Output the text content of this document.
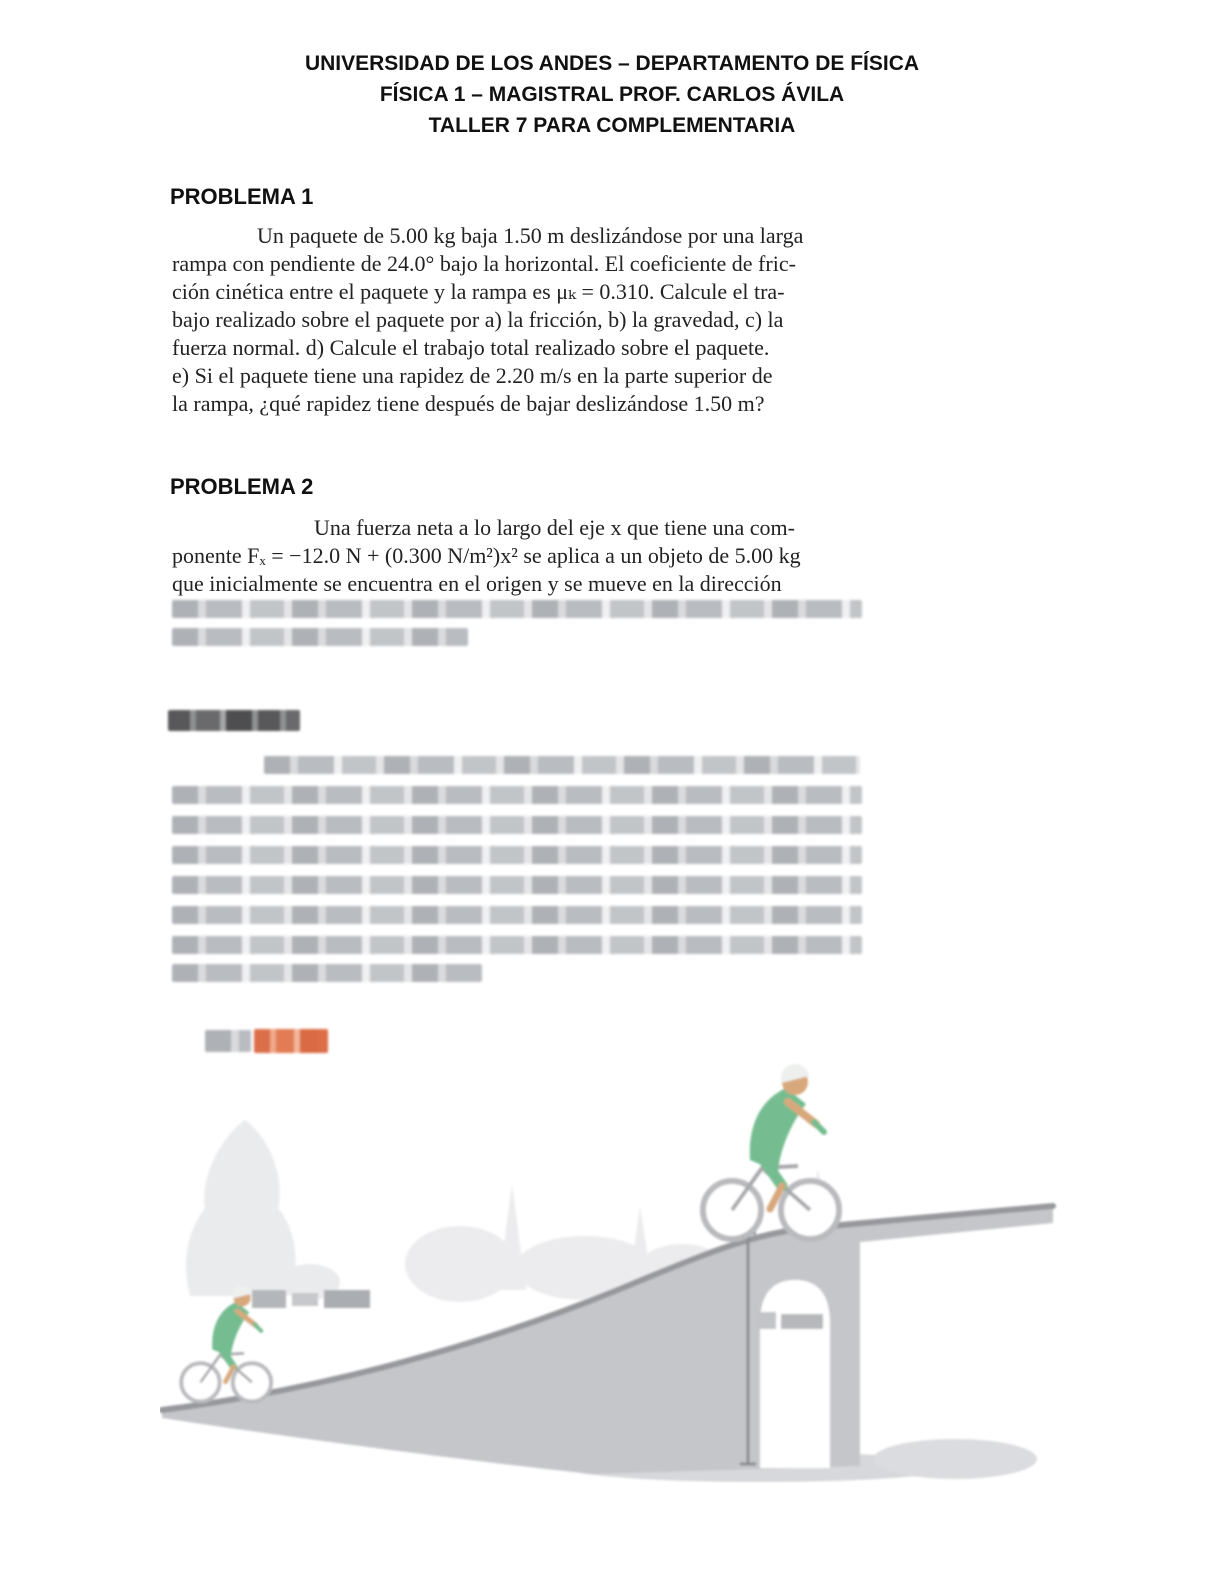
UNIVERSIDAD DE LOS ANDES – DEPARTAMENTO DE FÍSICA
FÍSICA 1 – MAGISTRAL PROF. CARLOS ÁVILA
TALLER 7 PARA COMPLEMENTARIA
PROBLEMA 1
Un paquete de 5.00 kg baja 1.50 m deslizándose por una larga
rampa con pendiente de 24.0° bajo la horizontal. El coeficiente de fric-
ción cinética entre el paquete y la rampa es μₖ = 0.310. Calcule el tra-
bajo realizado sobre el paquete por a) la fricción, b) la gravedad, c) la
fuerza normal. d) Calcule el trabajo total realizado sobre el paquete.
e) Si el paquete tiene una rapidez de 2.20 m/s en la parte superior de
la rampa, ¿qué rapidez tiene después de bajar deslizándose 1.50 m?
PROBLEMA 2
Una fuerza neta a lo largo del eje x que tiene una com-
ponente Fₓ = −12.0 N + (0.300 N/m²)x² se aplica a un objeto de 5.00 kg
que inicialmente se encuentra en el origen y se mueve en la dirección
